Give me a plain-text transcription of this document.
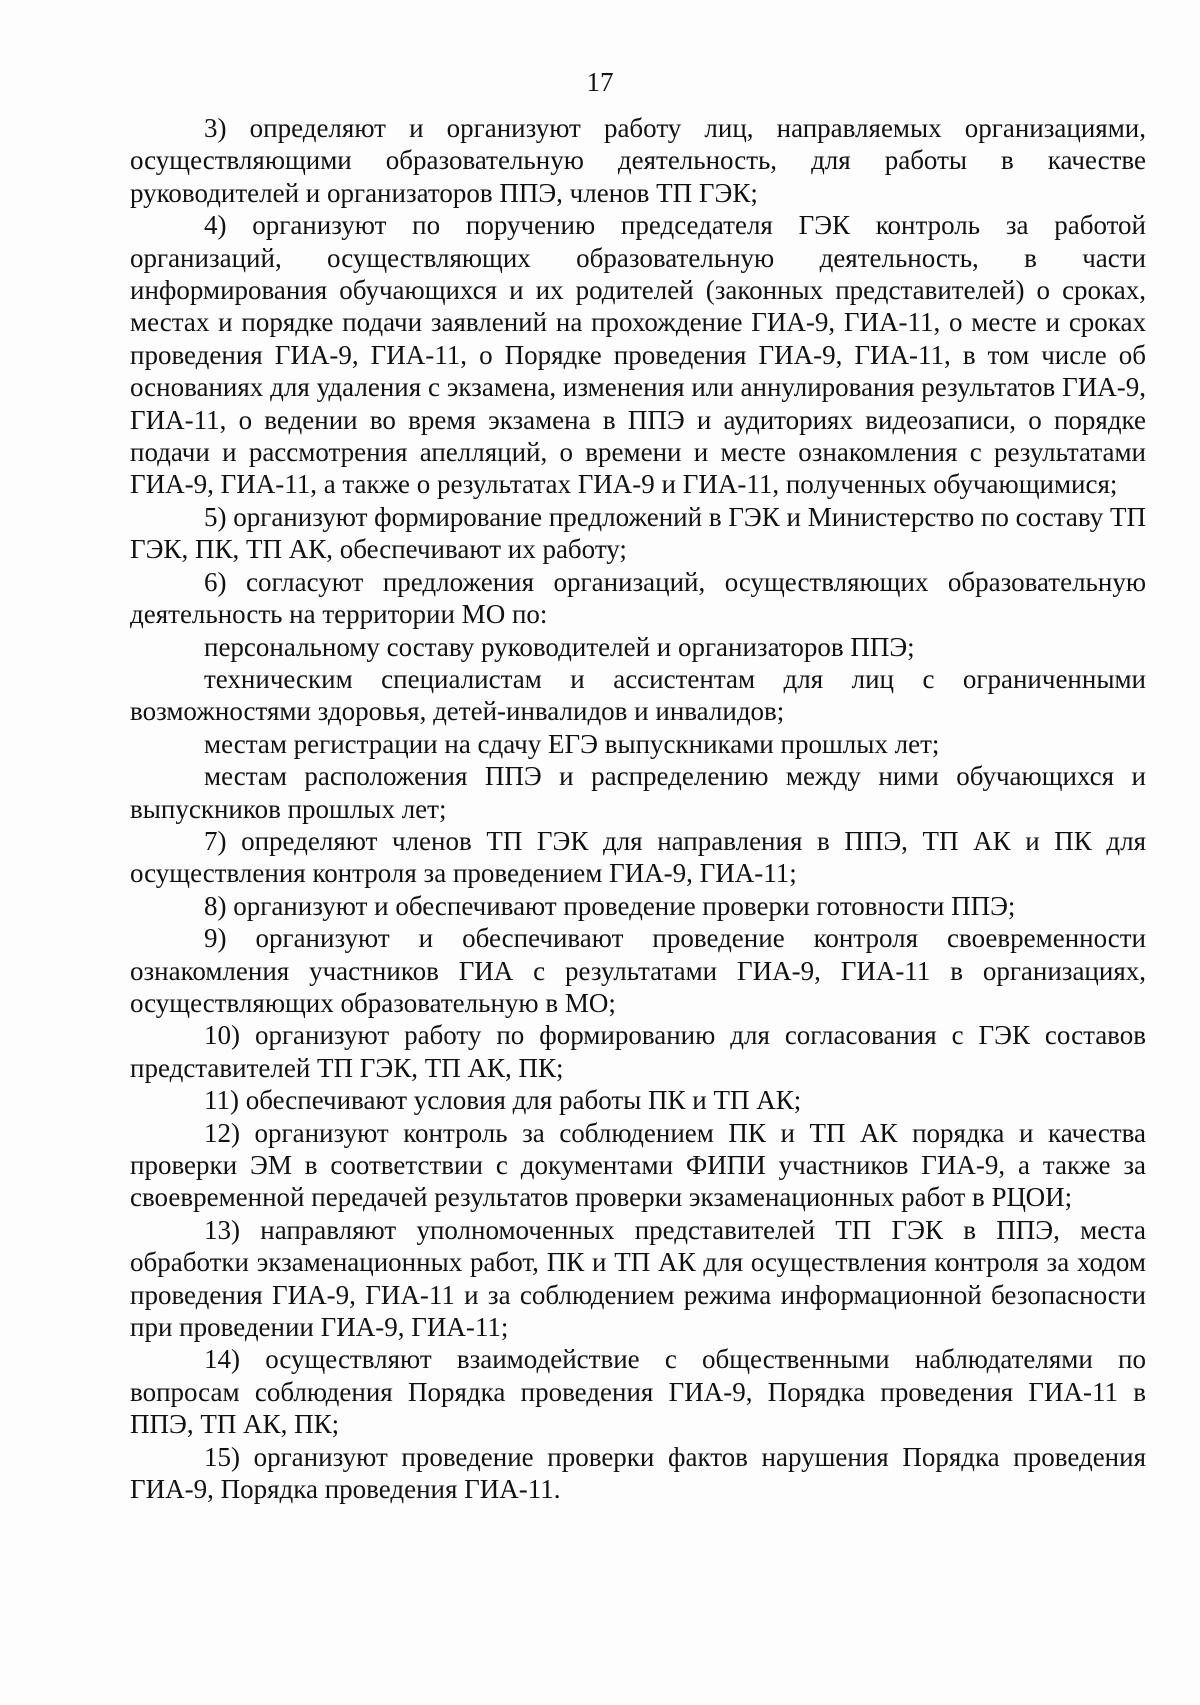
17

3) определяют и организуют работу лиц, направляемых организациями, осуществляющими образовательную деятельность, для работы в качестве руководителей и организаторов ППЭ, членов ТП ГЭК;

4) организуют по поручению председателя ГЭК контроль за работой организаций, осуществляющих образовательную деятельность, в части информирования обучающихся и их родителей (законных представителей) о сроках, местах и порядке подачи заявлений на прохождение ГИА-9, ГИА-11, о месте и сроках проведения ГИА-9, ГИА-11, о Порядке проведения ГИА-9, ГИА-11, в том числе об основаниях для удаления с экзамена, изменения или аннулирования результатов ГИА-9, ГИА-11, о ведении во время экзамена в ППЭ и аудиториях видеозаписи, о порядке подачи и рассмотрения апелляций, о времени и месте ознакомления с результатами ГИА-9, ГИА-11, а также о результатах ГИА-9 и ГИА-11, полученных обучающимися;

5) организуют формирование предложений в ГЭК и Министерство по составу ТП ГЭК, ПК, ТП АК, обеспечивают их работу;

6) согласуют предложения организаций, осуществляющих образовательную деятельность на территории МО по:

персональному составу руководителей и организаторов ППЭ;

техническим специалистам и ассистентам для лиц с ограниченными возможностями здоровья, детей-инвалидов и инвалидов;

местам регистрации на сдачу ЕГЭ выпускниками прошлых лет;

местам расположения ППЭ и распределению между ними обучающихся и выпускников прошлых лет;

7) определяют членов ТП ГЭК для направления в ППЭ, ТП АК и ПК для осуществления контроля за проведением ГИА-9, ГИА-11;

8) организуют и обеспечивают проведение проверки готовности ППЭ;

9) организуют и обеспечивают проведение контроля своевременности ознакомления участников ГИА с результатами ГИА-9, ГИА-11 в организациях, осуществляющих образовательную в МО;

10) организуют работу по формированию для согласования с ГЭК составов представителей ТП ГЭК, ТП АК, ПК;

11) обеспечивают условия для работы ПК и ТП АК;

12) организуют контроль за соблюдением ПК и ТП АК порядка и качества проверки ЭМ в соответствии с документами ФИПИ участников ГИА-9, а также за своевременной передачей результатов проверки экзаменационных работ в РЦОИ;

13) направляют уполномоченных представителей ТП ГЭК в ППЭ, места обработки экзаменационных работ, ПК и ТП АК для осуществления контроля за ходом проведения ГИА-9, ГИА-11 и за соблюдением режима информационной безопасности при проведении ГИА-9, ГИА-11;

14) осуществляют взаимодействие с общественными наблюдателями по вопросам соблюдения Порядка проведения ГИА-9, Порядка проведения ГИА-11 в ППЭ, ТП АК, ПК;

15) организуют проведение проверки фактов нарушения Порядка проведения ГИА-9, Порядка проведения ГИА-11.
